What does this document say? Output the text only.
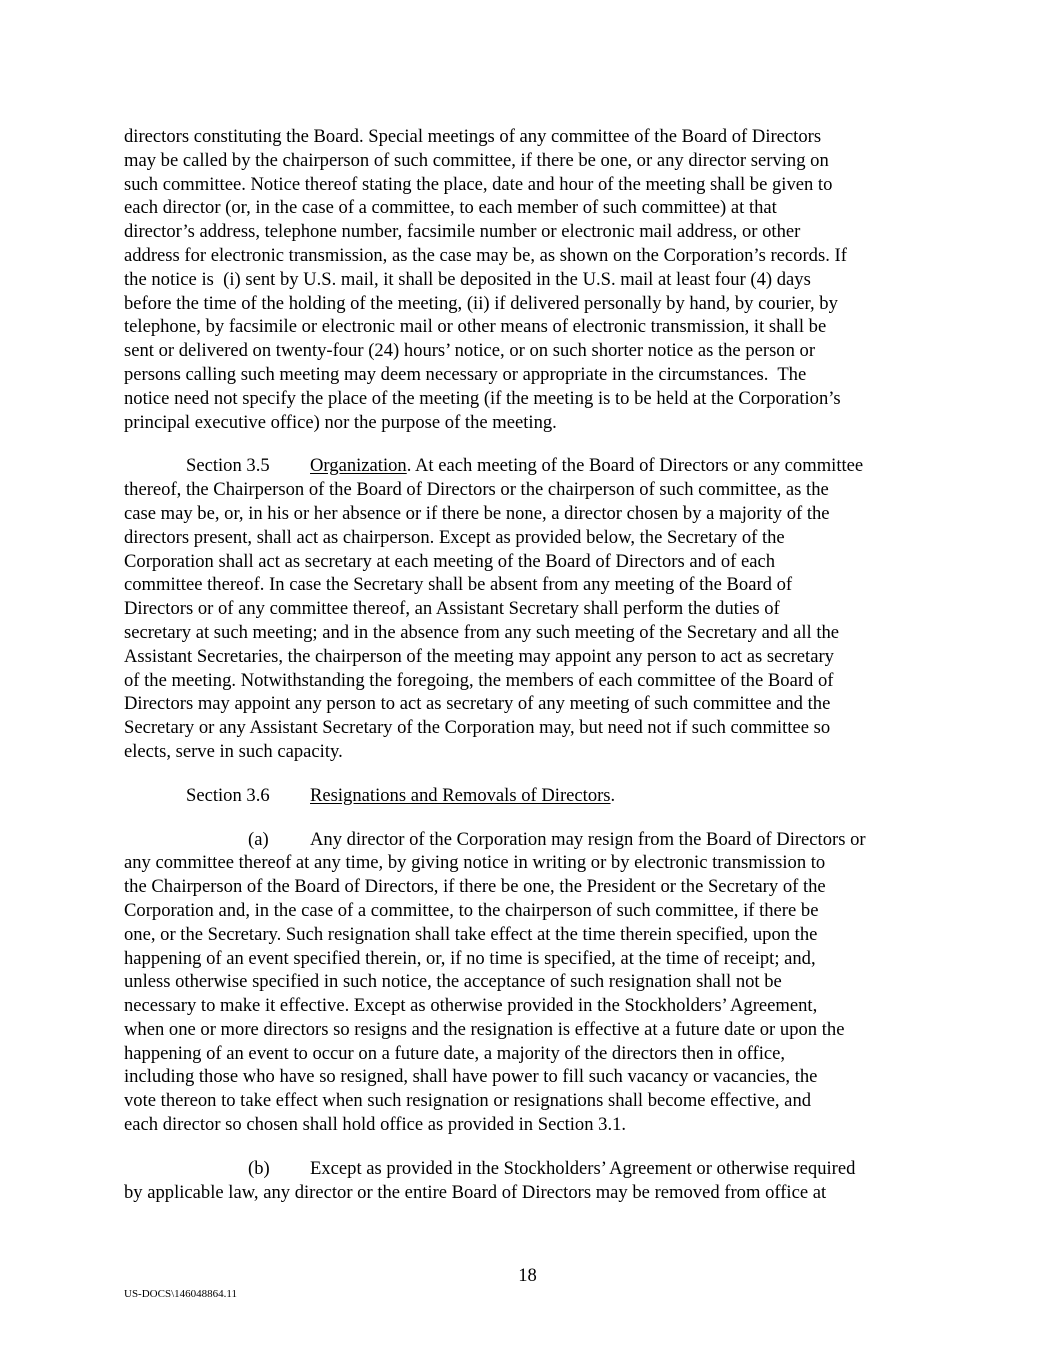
directors constituting the Board. Special meetings of any committee of the Board of Directors
may be called by the chairperson of such committee, if there be one, or any director serving on
such committee. Notice thereof stating the place, date and hour of the meeting shall be given to
each director (or, in the case of a committee, to each member of such committee) at that
director’s address, telephone number, facsimile number or electronic mail address, or other
address for electronic transmission, as the case may be, as shown on the Corporation’s records. If
the notice is  (i) sent by U.S. mail, it shall be deposited in the U.S. mail at least four (4) days
before the time of the holding of the meeting, (ii) if delivered personally by hand, by courier, by
telephone, by facsimile or electronic mail or other means of electronic transmission, it shall be
sent or delivered on twenty-four (24) hours’ notice, or on such shorter notice as the person or
persons calling such meeting may deem necessary or appropriate in the circumstances.  The
notice need not specify the place of the meeting (if the meeting is to be held at the Corporation’s
principal executive office) nor the purpose of the meeting.
Section 3.5 Organization. At each meeting of the Board of Directors or any committee
thereof, the Chairperson of the Board of Directors or the chairperson of such committee, as the
case may be, or, in his or her absence or if there be none, a director chosen by a majority of the
directors present, shall act as chairperson. Except as provided below, the Secretary of the
Corporation shall act as secretary at each meeting of the Board of Directors and of each
committee thereof. In case the Secretary shall be absent from any meeting of the Board of
Directors or of any committee thereof, an Assistant Secretary shall perform the duties of
secretary at such meeting; and in the absence from any such meeting of the Secretary and all the
Assistant Secretaries, the chairperson of the meeting may appoint any person to act as secretary
of the meeting. Notwithstanding the foregoing, the members of each committee of the Board of
Directors may appoint any person to act as secretary of any meeting of such committee and the
Secretary or any Assistant Secretary of the Corporation may, but need not if such committee so
elects, serve in such capacity.
Section 3.6 Resignations and Removals of Directors.
(a) Any director of the Corporation may resign from the Board of Directors or
any committee thereof at any time, by giving notice in writing or by electronic transmission to
the Chairperson of the Board of Directors, if there be one, the President or the Secretary of the
Corporation and, in the case of a committee, to the chairperson of such committee, if there be
one, or the Secretary. Such resignation shall take effect at the time therein specified, upon the
happening of an event specified therein, or, if no time is specified, at the time of receipt; and,
unless otherwise specified in such notice, the acceptance of such resignation shall not be
necessary to make it effective. Except as otherwise provided in the Stockholders’ Agreement,
when one or more directors so resigns and the resignation is effective at a future date or upon the
happening of an event to occur on a future date, a majority of the directors then in office,
including those who have so resigned, shall have power to fill such vacancy or vacancies, the
vote thereon to take effect when such resignation or resignations shall become effective, and
each director so chosen shall hold office as provided in Section 3.1.
(b) Except as provided in the Stockholders’ Agreement or otherwise required
by applicable law, any director or the entire Board of Directors may be removed from office at
18
US-DOCS\146048864.11
